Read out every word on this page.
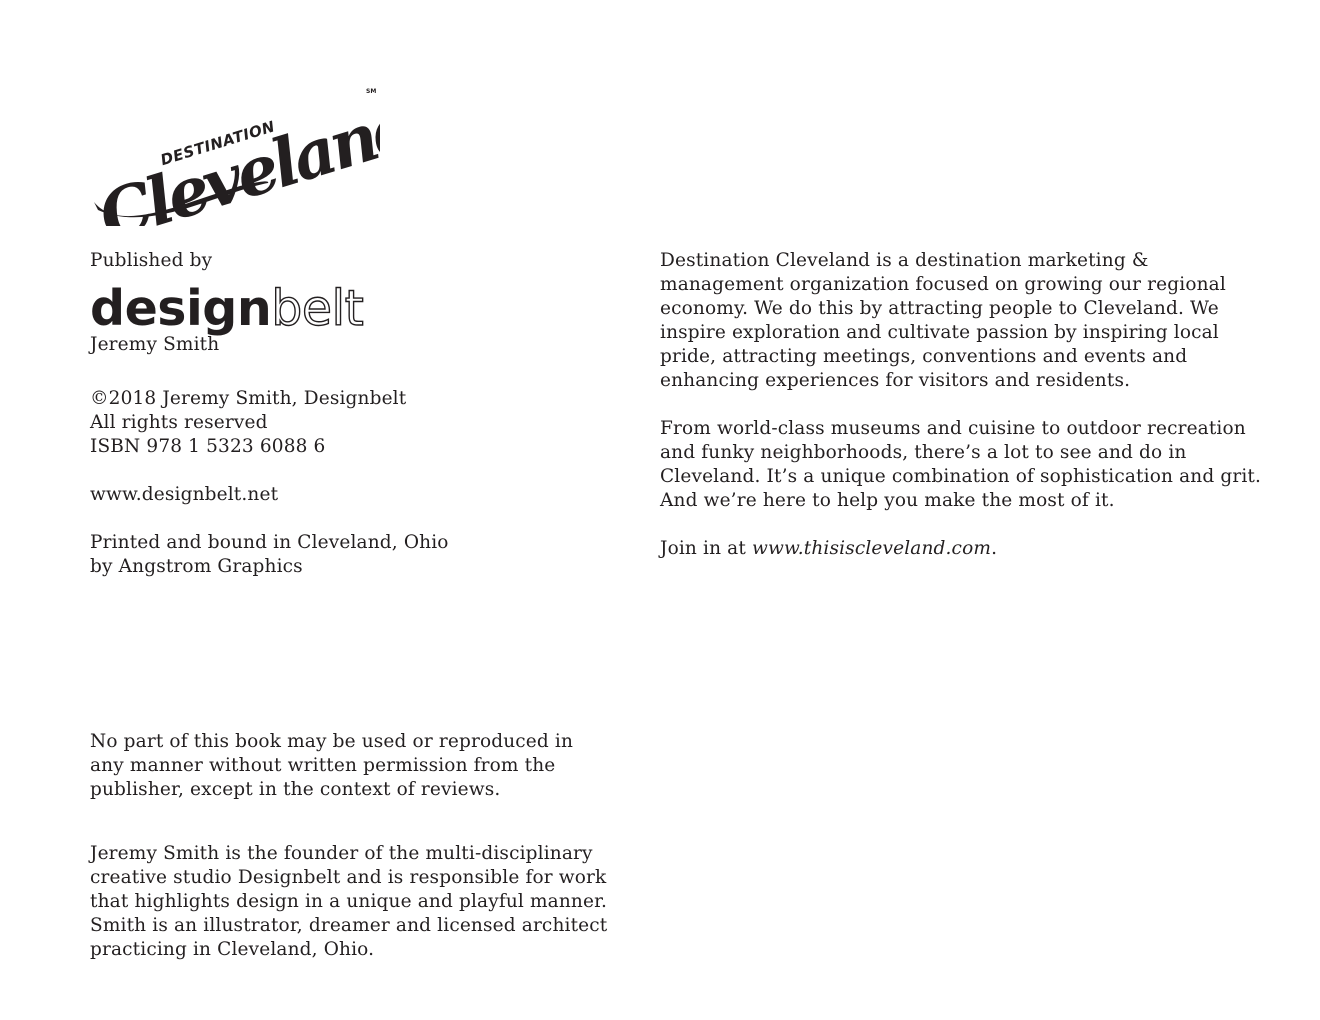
DESTINATION
Cleveland
SM
Published by
designbelt
Jeremy Smith
©2018 Jeremy Smith, Designbelt
All rights reserved
ISBN 978 1 5323 6088 6
www.designbelt.net
Printed and bound in Cleveland, Ohio
by Angstrom Graphics

No part of this book may be used or reproduced in any manner without written permission from the publisher, except in the context of reviews.

Jeremy Smith is the founder of the multi-disciplinary creative studio Designbelt and is responsible for work that highlights design in a unique and playful manner. Smith is an illustrator, dreamer and licensed architect practicing in Cleveland, Ohio.

Destination Cleveland is a destination marketing & management organization focused on growing our regional economy. We do this by attracting people to Cleveland. We inspire exploration and cultivate passion by inspiring local pride, attracting meetings, conventions and events and enhancing experiences for visitors and residents.

From world-class museums and cuisine to outdoor recreation and funky neighborhoods, there’s a lot to see and do in Cleveland. It’s a unique combination of sophistication and grit. And we’re here to help you make the most of it.

Join in at www.thisiscleveland.com.
